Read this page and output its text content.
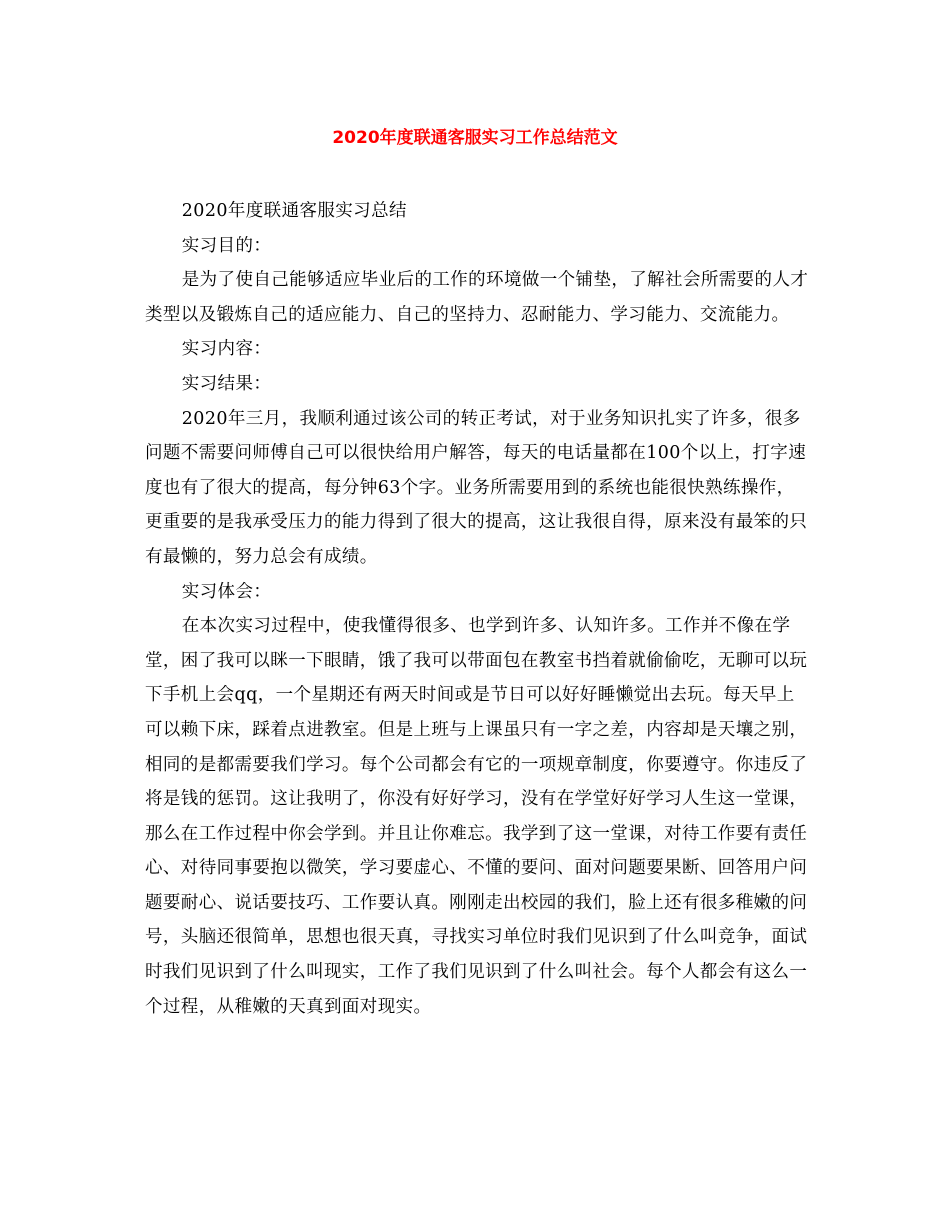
2020年度联通客服实习工作总结范文

2020年度联通客服实习总结

实习目的：

是为了使自己能够适应毕业后的工作的环境做一个铺垫，了解社会所需要的人才类型以及锻炼自己的适应能力、自己的坚持力、忍耐能力、学习能力、交流能力。

实习内容：

实习结果：

2020年三月，我顺利通过该公司的转正考试，对于业务知识扎实了许多，很多问题不需要问师傅自己可以很快给用户解答，每天的电话量都在100个以上，打字速度也有了很大的提高，每分钟63个字。业务所需要用到的系统也能很快熟练操作，更重要的是我承受压力的能力得到了很大的提高，这让我很自得，原来没有最笨的只有最懒的，努力总会有成绩。

实习体会：

在本次实习过程中，使我懂得很多、也学到许多、认知许多。工作并不像在学堂，困了我可以眯一下眼睛，饿了我可以带面包在教室书挡着就偷偷吃，无聊可以玩下手机上会qq，一个星期还有两天时间或是节日可以好好睡懒觉出去玩。每天早上可以赖下床，踩着点进教室。但是上班与上课虽只有一字之差，内容却是天壤之别，相同的是都需要我们学习。每个公司都会有它的一项规章制度，你要遵守。你违反了将是钱的惩罚。这让我明了，你没有好好学习，没有在学堂好好学习人生这一堂课，那么在工作过程中你会学到。并且让你难忘。我学到了这一堂课，对待工作要有责任心、对待同事要抱以微笑，学习要虚心、不懂的要问、面对问题要果断、回答用户问题要耐心、说话要技巧、工作要认真。刚刚走出校园的我们，脸上还有很多稚嫩的问号，头脑还很简单，思想也很天真，寻找实习单位时我们见识到了什么叫竞争，面试时我们见识到了什么叫现实，工作了我们见识到了什么叫社会。每个人都会有这么一个过程，从稚嫩的天真到面对现实。
